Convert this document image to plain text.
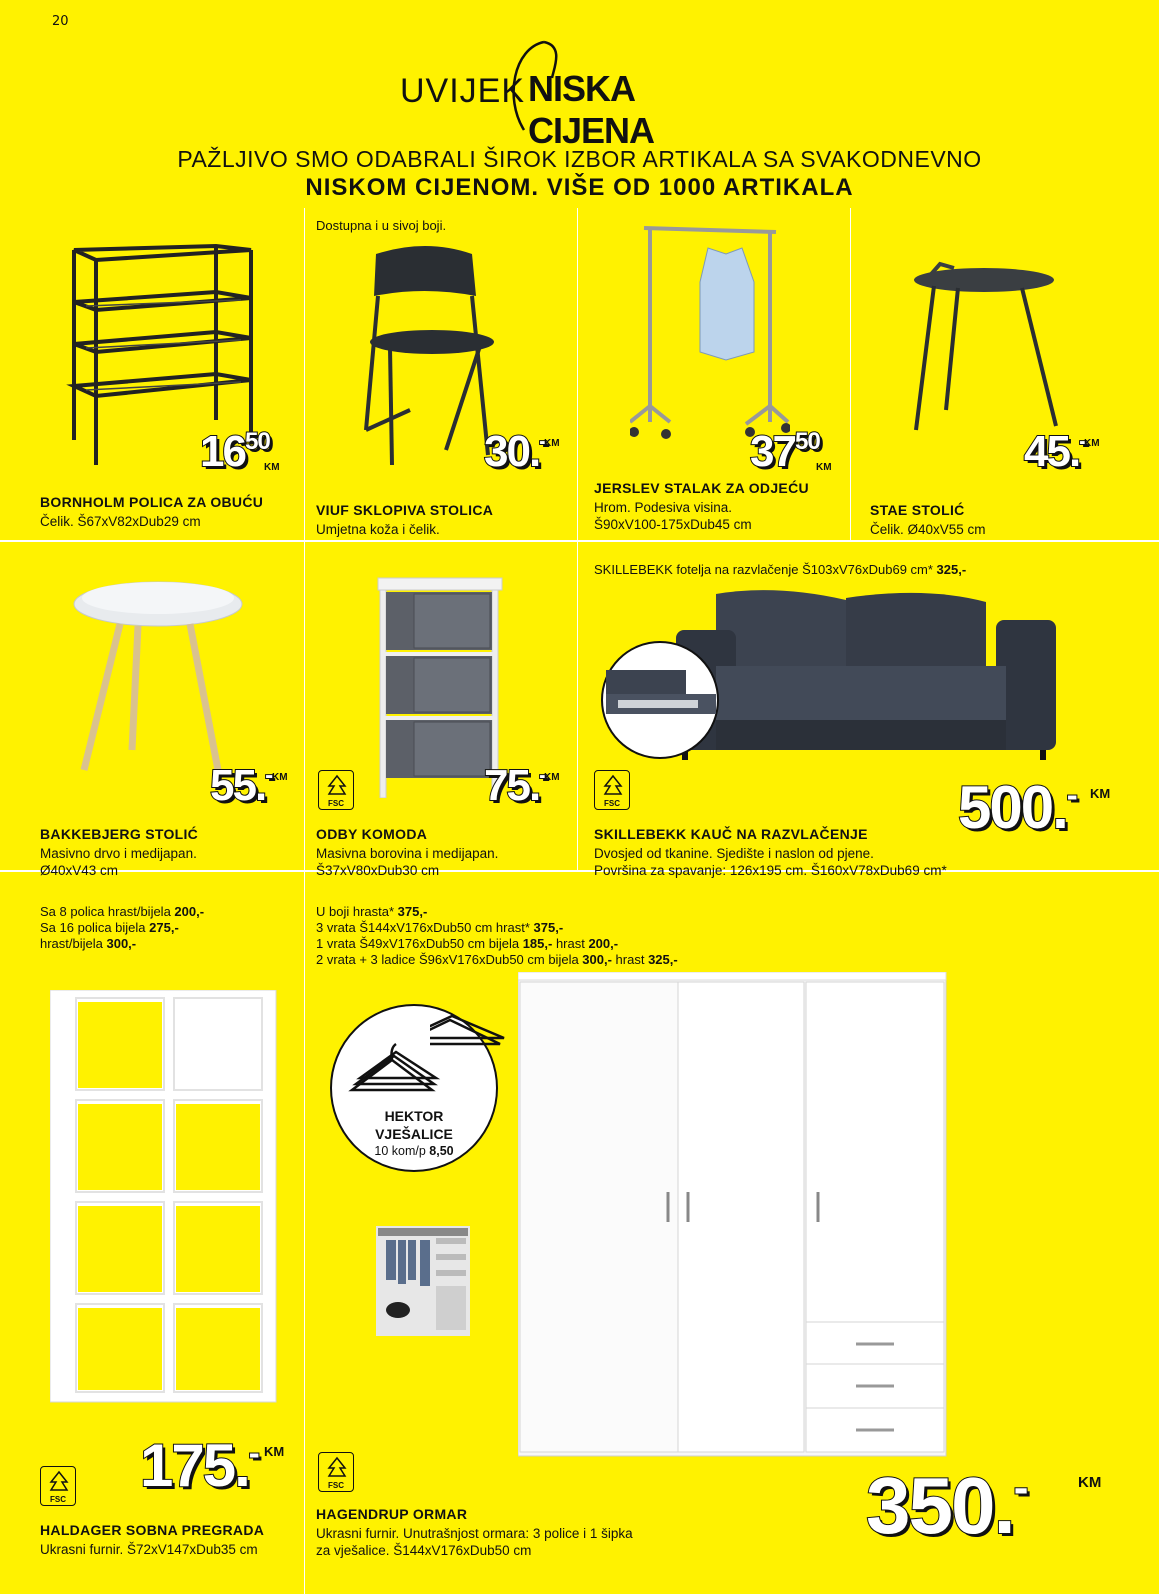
20
UVIJEK NISKA CIJENA
PAŽLJIVO SMO ODABRALI ŠIROK IZBOR ARTIKALA SA SVAKODNEVNO
NISKOM CIJENOM. VIŠE OD 1000 ARTIKALA
$16^{50}$
KM
BORNHOLM POLICA ZA OBUĆU
Čelik. Š67xV82xDub29 cm
Dostupna i u sivoj boji.
30.-
KM
VIUF SKLOPIVA STOLICA
Umjetna koža i čelik.
$37^{50}$
KM
JERSLEV STALAK ZA ODJEĆU
Hrom. Podesiva visina.
Š90xV100-175xDub45 cm
45.-
KM
STAE STOLIĆ
Čelik. Ø40xV55 cm
55.- KM
BAKKEBJERG STOLIĆ
Masivno drvo i medijapan.
Ø40xV43 cm
FSC	75.-
KM
ODBY KOMODA
Masivna borovina i medijapan.
Š37xV80xDub30 cm
SKILLEBEKK fotelja na razvlačenje Š103xV76xDub69 cm* 325,-
FSC	500.- KM
SKILLEBEKK KAUČ NA RAZVLAČENJE
Dvosjed od tkanine. Sjedište i naslon od pjene.
Površina za spavanje: 126x195 cm. Š160xV78xDub69 cm*
Sa 8 polica hrast/bijela 200,-
Sa 16 polica bijela 275,-
hrast/bijela 300,-
FSC
175.- KM
HALDAGER SOBNA PREGRADA
Ukrasni furnir. Š72xV147xDub35 cm
U boji hrasta* 375,-
3 vrata Š144xV176xDub50 cm hrast* 375,-
1 vrata Š49xV176xDub50 cm bijela 185,- hrast 200,-
2 vrata + 3 ladice Š96xV176xDub50 cm bijela 300,- hrast 325,-
HEKTOR
VJEŠALICE
10 kom/p 8,50
FSC	350.-	KM
HAGENDRUP ORMAR
Ukrasni furnir. Unutrašnjost ormara: 3 police i 1 šipka
za vješalice. Š144xV176xDub50 cm
